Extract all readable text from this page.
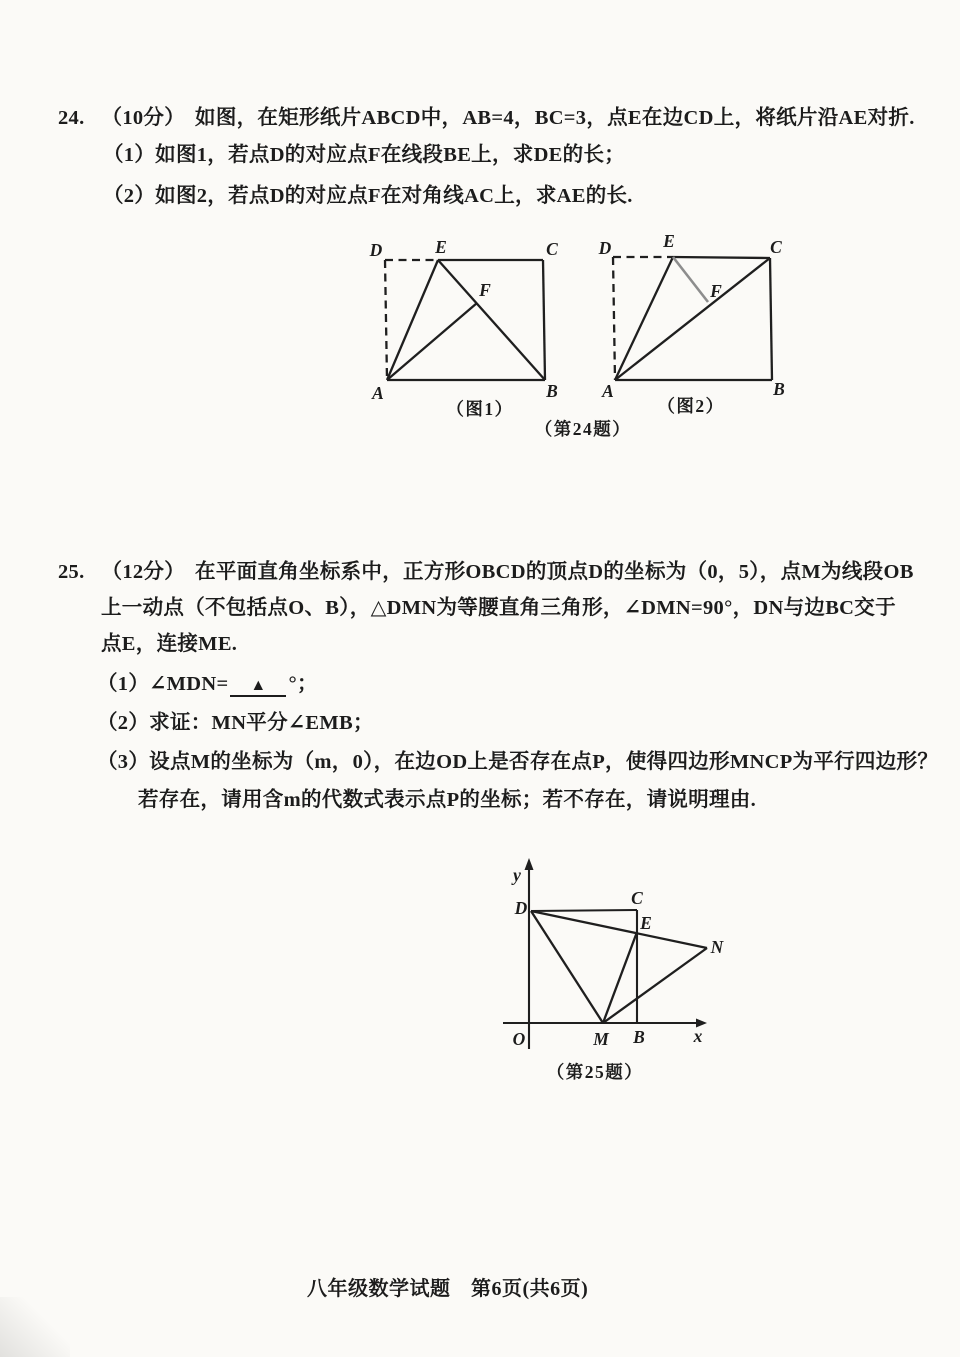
24. （10分） 如图，在矩形纸片ABCD中，AB=4，BC=3，点E在边CD上，将纸片沿AE对折.
（1）如图1，若点D的对应点F在线段BE上，求DE的长；
（2）如图2，若点D的对应点F在对角线AC上，求AE的长.
D	E	C
A	B
F
（图1）
D	E	C
A	B
F
（图2）
（第24题）
25. （12分） 在平面直角坐标系中，正方形OBCD的顶点D的坐标为（0，5），点M为线段OB
上一动点（不包括点O、B），△DMN为等腰直角三角形，∠DMN=90°，DN与边BC交于
点E，连接ME.
（1）∠MDN= ▲ °；
（2）求证：MN平分∠EMB；
（3）设点M的坐标为（m，0），在边OD上是否存在点P，使得四边形MNCP为平行四边形？
若存在，请用含m的代数式表示点P的坐标；若不存在，请说明理由.
y
x
O
D	C
B
M
E
N
（第25题）
八年级数学试题　第6页(共6页)
